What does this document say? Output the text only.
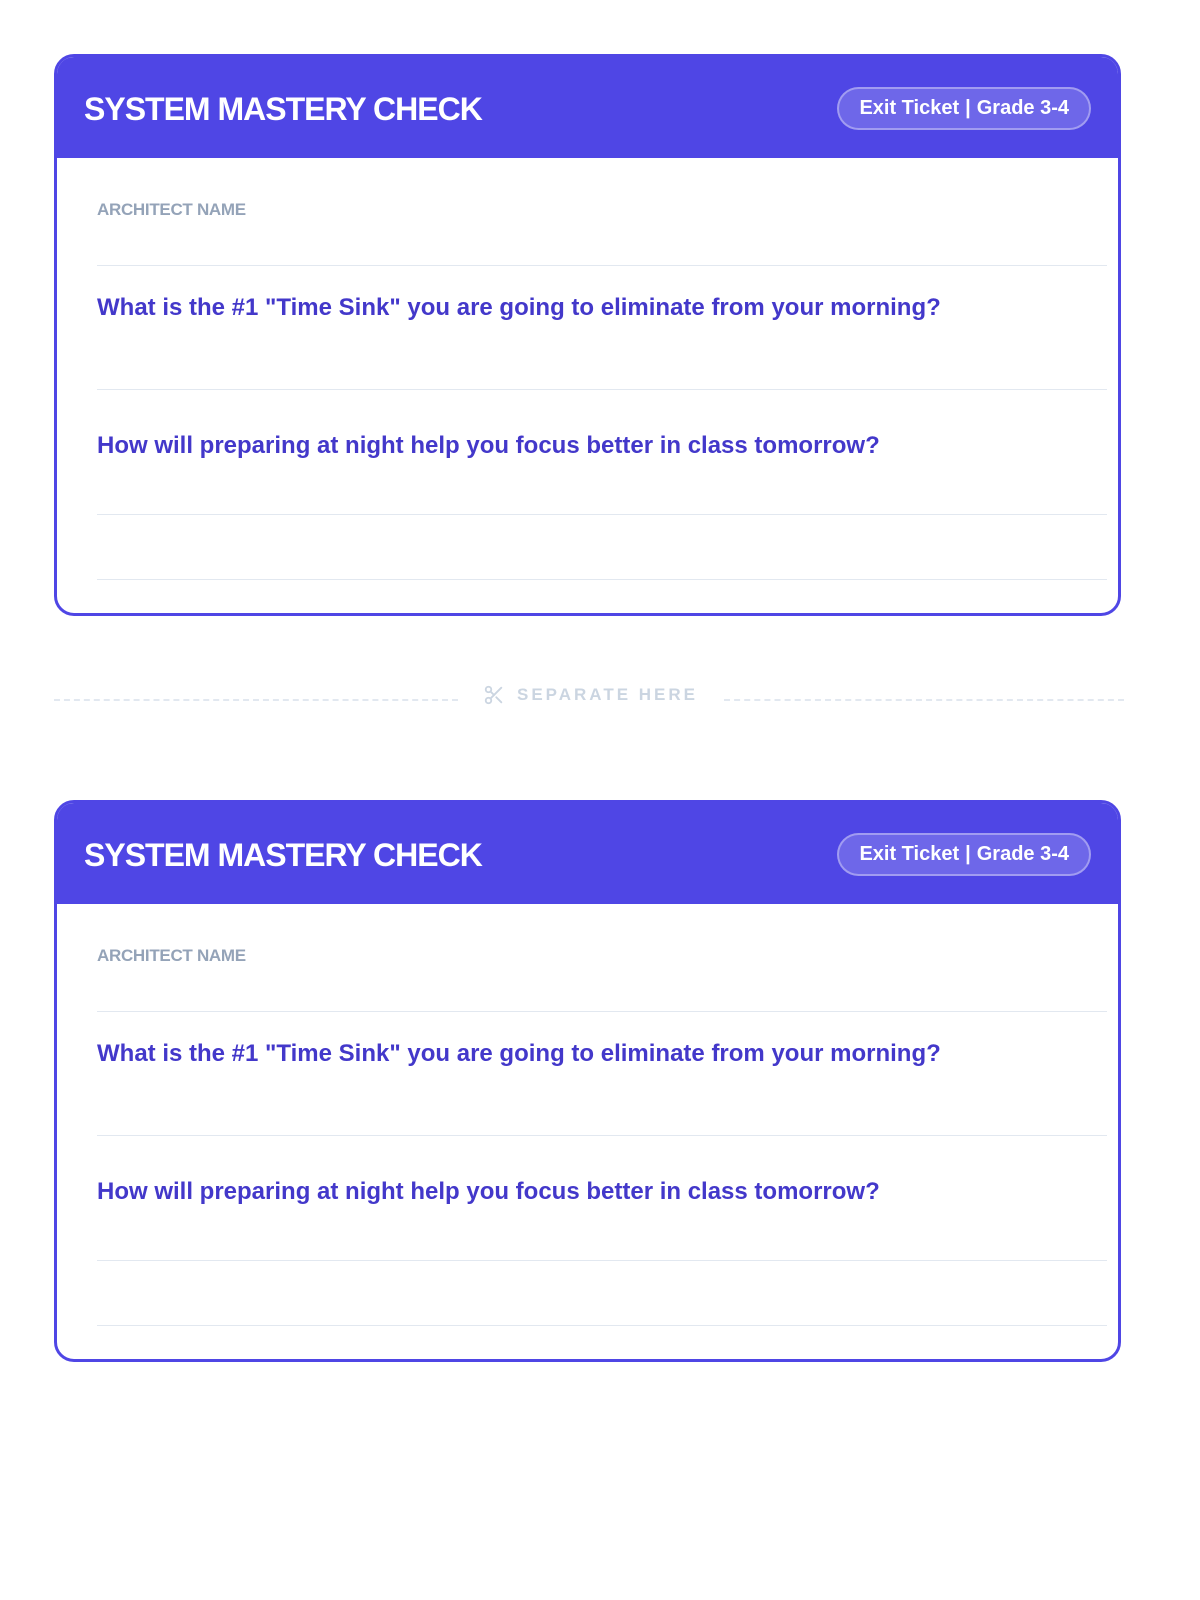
SYSTEM MASTERY CHECK	Exit Ticket | Grade 3-4
ARCHITECT NAME

What is the #1 "Time Sink" you are going to eliminate from your morning?

How will preparing at night help you focus better in class tomorrow?

SEPARATE HERE
SYSTEM MASTERY CHECK	Exit Ticket | Grade 3-4
ARCHITECT NAME

What is the #1 "Time Sink" you are going to eliminate from your morning?

How will preparing at night help you focus better in class tomorrow?
